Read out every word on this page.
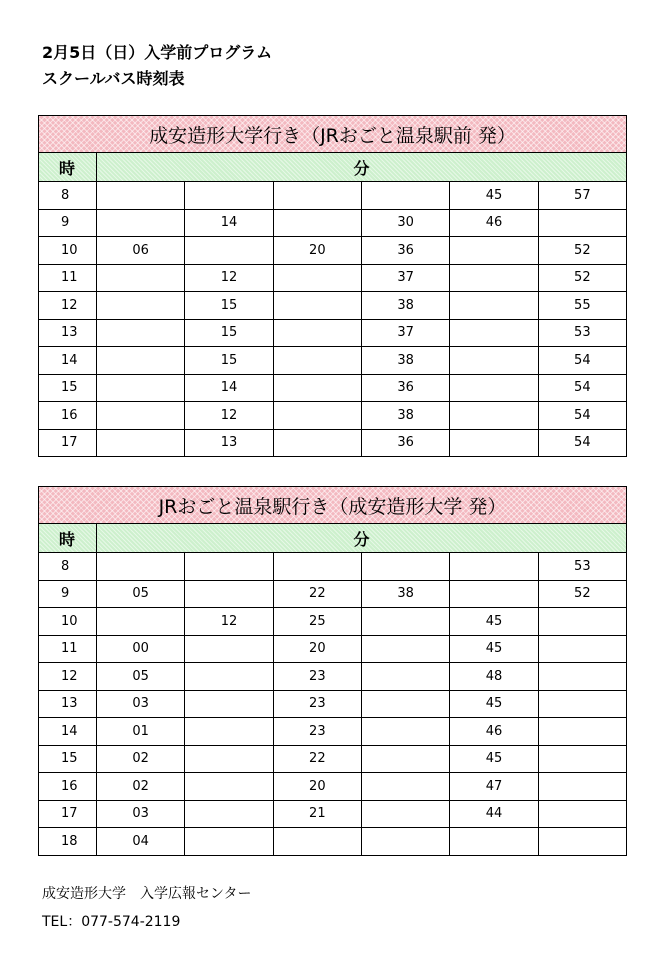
2月5日（日）入学前プログラム
スクールバス時刻表
成安造形大学行き（JRおごと温泉駅前 発）						
時	分					
8					45	57
9		14		30	46	
10	06		20	36		52
11		12		37		52
12		15		38		55
13		15		37		53
14		15		38		54
15		14		36		54
16		12		38		54
17		13		36		54
JRおごと温泉駅行き（成安造形大学 発）						
時	分					
8						53
9	05		22	38		52
10		12	25		45	
11	00		20		45	
12	05		23		48	
13	03		23		45	
14	01		23		46	
15	02		22		45	
16	02		20		47	
17	03		21		44	
18	04					
成安造形大学　入学広報センター
TEL：077-574-2119
